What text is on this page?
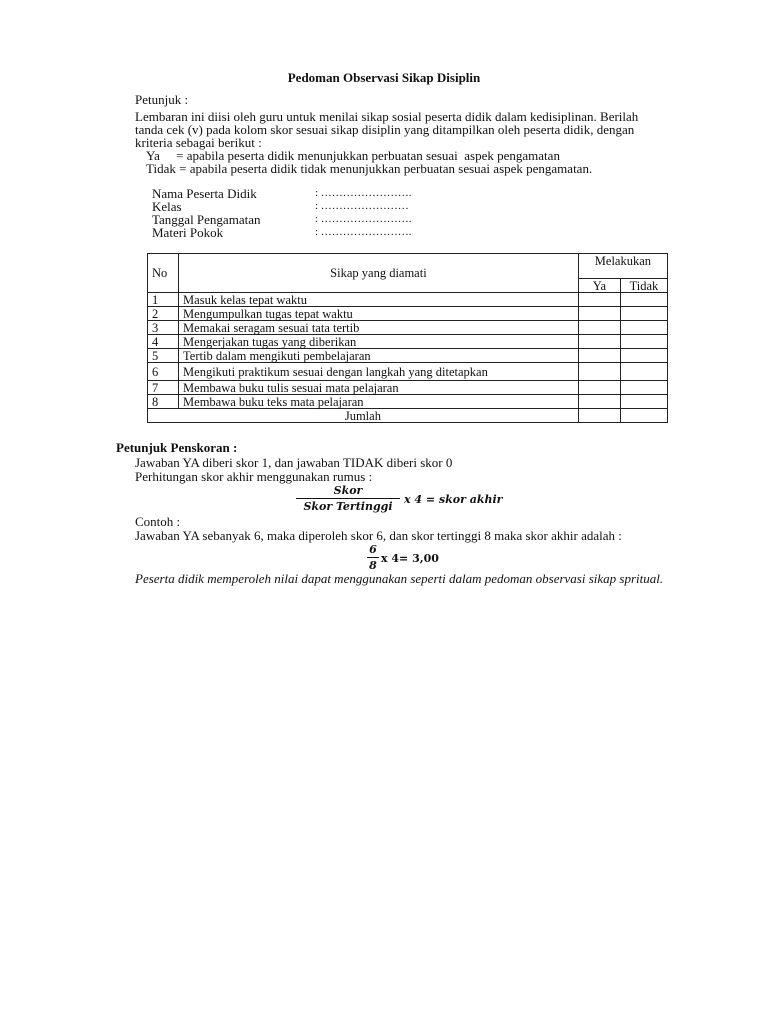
Pedoman Observasi Sikap Disiplin
Petunjuk :
Lembaran ini diisi oleh guru untuk menilai sikap sosial peserta didik dalam kedisiplinan. Berilah
tanda cek (v) pada kolom skor sesuai sikap disiplin yang ditampilkan oleh peserta didik, dengan
kriteria sebagai berikut :
Ya     = apabila peserta didik menunjukkan perbuatan sesuai  aspek pengamatan
Tidak = apabila peserta didik tidak menunjukkan perbuatan sesuai aspek pengamatan.
Nama Peserta Didik	: …………………….
Kelas	: ……………………
Tanggal Pengamatan	: …………………….
Materi Pokok	: …………………….
No	Sikap yang diamati	Melakukan	
		Ya	Tidak
1	Masuk kelas tepat waktu		
2	Mengumpulkan tugas tepat waktu		
3	Memakai seragam sesuai tata tertib		
4	Mengerjakan tugas yang diberikan		
5	Tertib dalam mengikuti pembelajaran		
6	Mengikuti praktikum sesuai dengan langkah yang ditetapkan		
7	Membawa buku tulis sesuai mata pelajaran		
8	Membawa buku teks mata pelajaran		
Jumlah			
Petunjuk Penskoran :
Jawaban YA diberi skor 1, dan jawaban TIDAK diberi skor 0
Perhitungan skor akhir menggunakan rumus :
Skor
Skor Tertinggi
x 4 = skor akhir
Contoh :
Jawaban YA sebanyak 6, maka diperoleh skor 6, dan skor tertinggi 8 maka skor akhir adalah :
6
8
x 4= 3,00
Peserta didik memperoleh nilai dapat menggunakan seperti dalam pedoman observasi sikap spritual.
